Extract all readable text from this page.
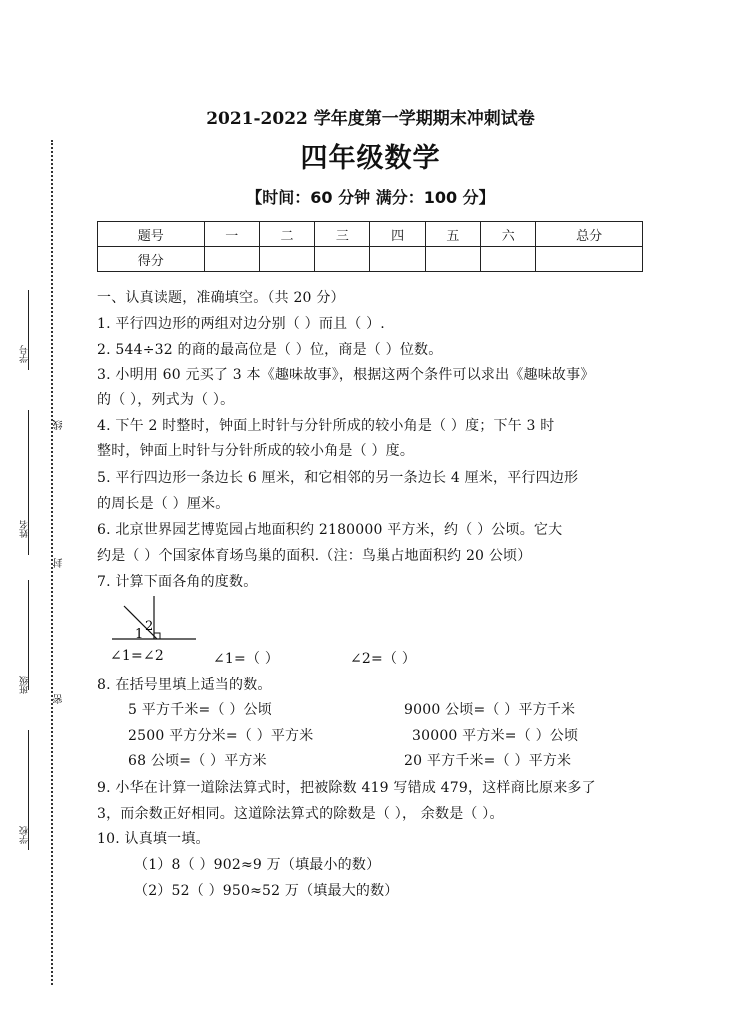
学号
姓名
班级
学校
线
封
密
2021-2022 学年度第一学期期末冲刺试卷
四年级数学
【时间：60 分钟 满分：100 分】
题号	一	二	三	四	五	六	总分
得分							
一、认真读题，准确填空。（共 20 分）
1. 平行四边形的两组对边分别（ ）而且（ ）.
2. 544÷32 的商的最高位是（ ）位，商是（ ）位数。
3. 小明用 60 元买了 3 本《趣味故事》，根据这两个条件可以求出《趣味故事》
的（ ），列式为（ ）。
4. 下午 2 时整时，钟面上时针与分针所成的较小角是（ ）度；下午 3 时
整时，钟面上时针与分针所成的较小角是（ ）度。
5. 平行四边形一条边长 6 厘米，和它相邻的另一条边长 4 厘米，平行四边形
的周长是（ ）厘米。
6. 北京世界园艺博览园占地面积约 2180000 平方米，约（ ）公顷。它大
约是（ ）个国家体育场鸟巢的面积.（注：鸟巢占地面积约 20 公顷）
7. 计算下面各角的度数。
1
2
∠1=∠2	∠1=（ ）	∠2=（ ）
8. 在括号里填上适当的数。
5 平方千米=（ ）公顷	9000 公顷=（ ）平方千米
2500 平方分米=（ ）平方米	30000 平方米=（ ）公顷
68 公顷=（ ）平方米	20 平方千米=（ ）平方米
9. 小华在计算一道除法算式时，把被除数 419 写错成 479，这样商比原来多了
3，而余数正好相同。这道除法算式的除数是（ ）， 余数是（ ）。
10. 认真填一填。
（1）8（ ）902≈9 万（填最小的数）
（2）52（ ）950≈52 万（填最大的数）
